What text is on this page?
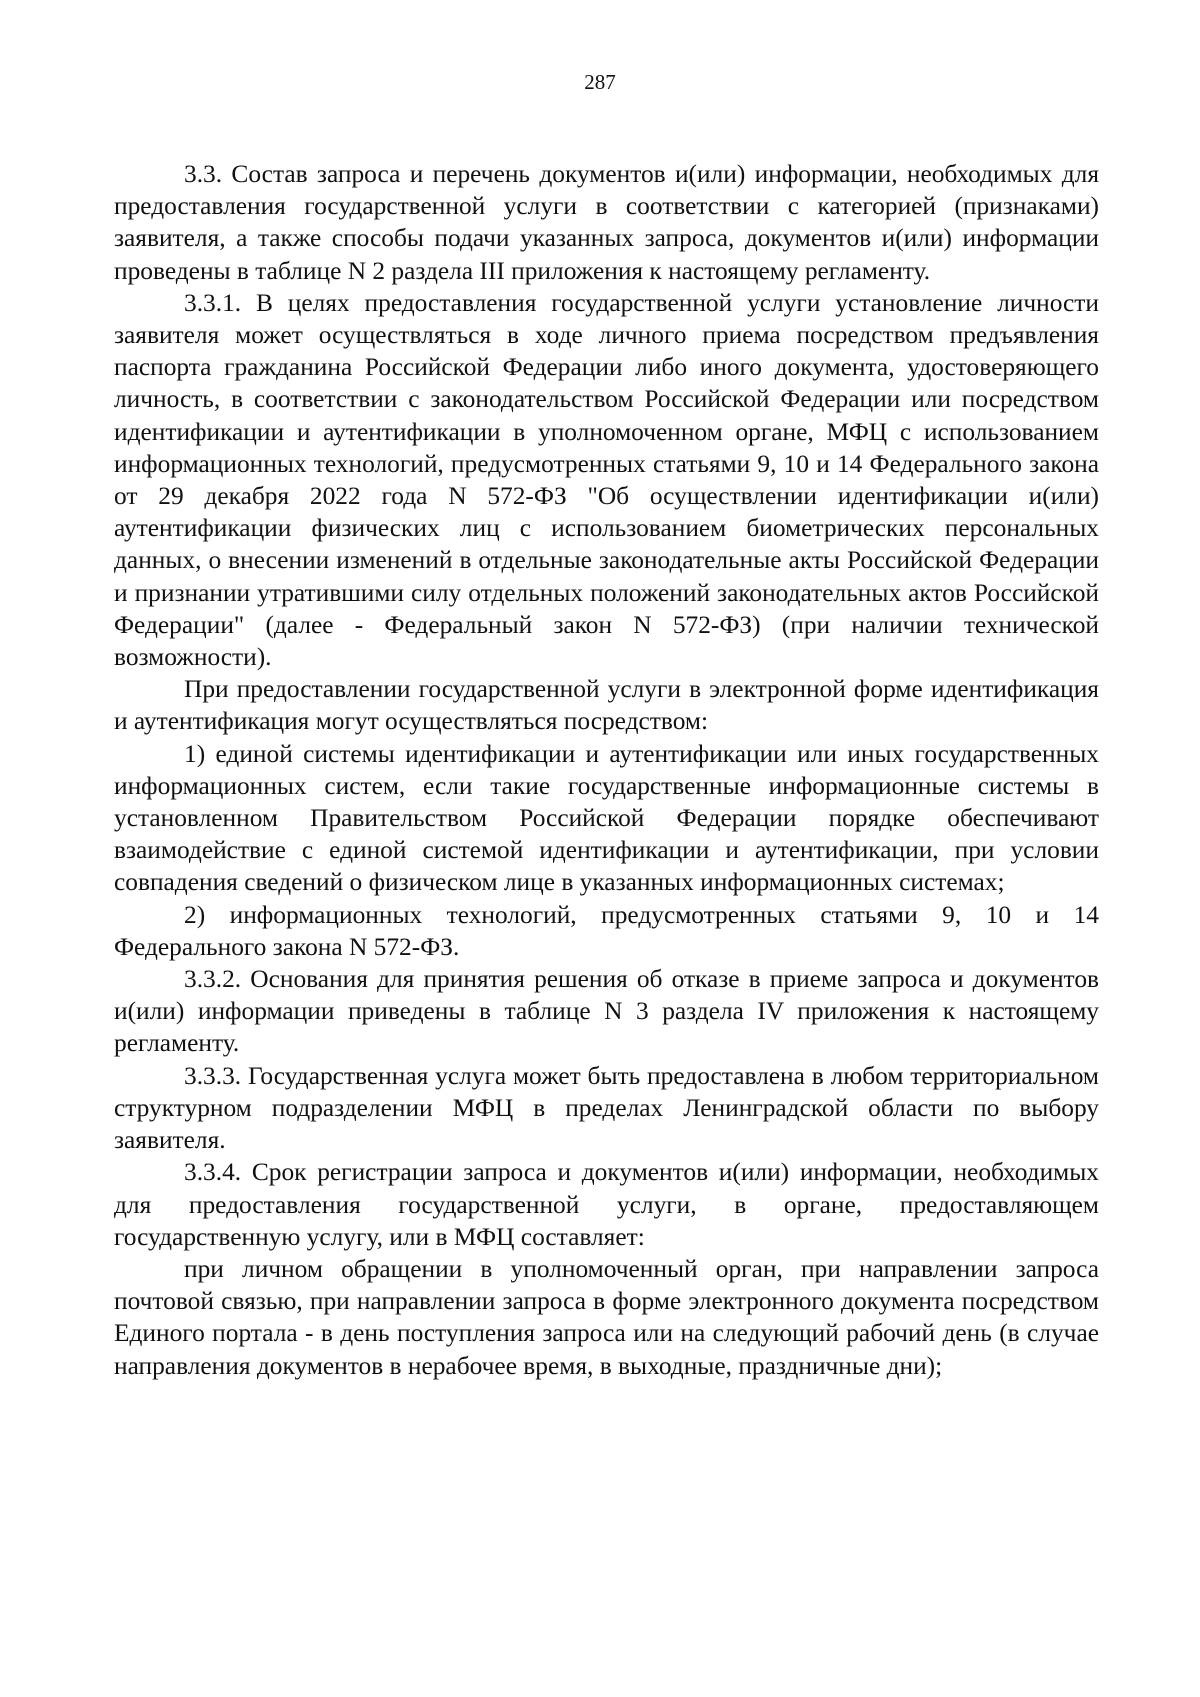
287

3.3. Состав запроса и перечень документов и(или) информации, необходимых для предоставления государственной услуги в соответствии с категорией (признаками) заявителя, а также способы подачи указанных запроса, документов и(или) информации проведены в таблице N 2 раздела III приложения к настоящему регламенту.

3.3.1. В целях предоставления государственной услуги установление личности заявителя может осуществляться в ходе личного приема посредством предъявления паспорта гражданина Российской Федерации либо иного документа, удостоверяющего личность, в соответствии с законодательством Российской Федерации или посредством идентификации и аутентификации в уполномоченном органе, МФЦ с использованием информационных технологий, предусмотренных статьями 9, 10 и 14 Федерального закона от 29 декабря 2022 года N 572-ФЗ "Об осуществлении идентификации и(или) аутентификации физических лиц с использованием биометрических персональных данных, о внесении изменений в отдельные законодательные акты Российской Федерации и признании утратившими силу отдельных положений законодательных актов Российской Федерации" (далее - Федеральный закон N 572-ФЗ) (при наличии технической возможности).

При предоставлении государственной услуги в электронной форме идентификация и аутентификация могут осуществляться посредством:

1) единой системы идентификации и аутентификации или иных государственных информационных систем, если такие государственные информационные системы в установленном Правительством Российской Федерации порядке обеспечивают взаимодействие с единой системой идентификации и аутентификации, при условии совпадения сведений о физическом лице в указанных информационных системах;

2) информационных технологий, предусмотренных статьями 9, 10 и 14 Федерального закона N 572-ФЗ.

3.3.2. Основания для принятия решения об отказе в приеме запроса и документов и(или) информации приведены в таблице N 3 раздела IV приложения к настоящему регламенту.

3.3.3. Государственная услуга может быть предоставлена в любом территориальном структурном подразделении МФЦ в пределах Ленинградской области по выбору заявителя.

3.3.4. Срок регистрации запроса и документов и(или) информации, необходимых для предоставления государственной услуги, в органе, предоставляющем государственную услугу, или в МФЦ составляет:

при личном обращении в уполномоченный орган, при направлении запроса почтовой связью, при направлении запроса в форме электронного документа посредством Единого портала - в день поступления запроса или на следующий рабочий день (в случае направления документов в нерабочее время, в выходные, праздничные дни);
